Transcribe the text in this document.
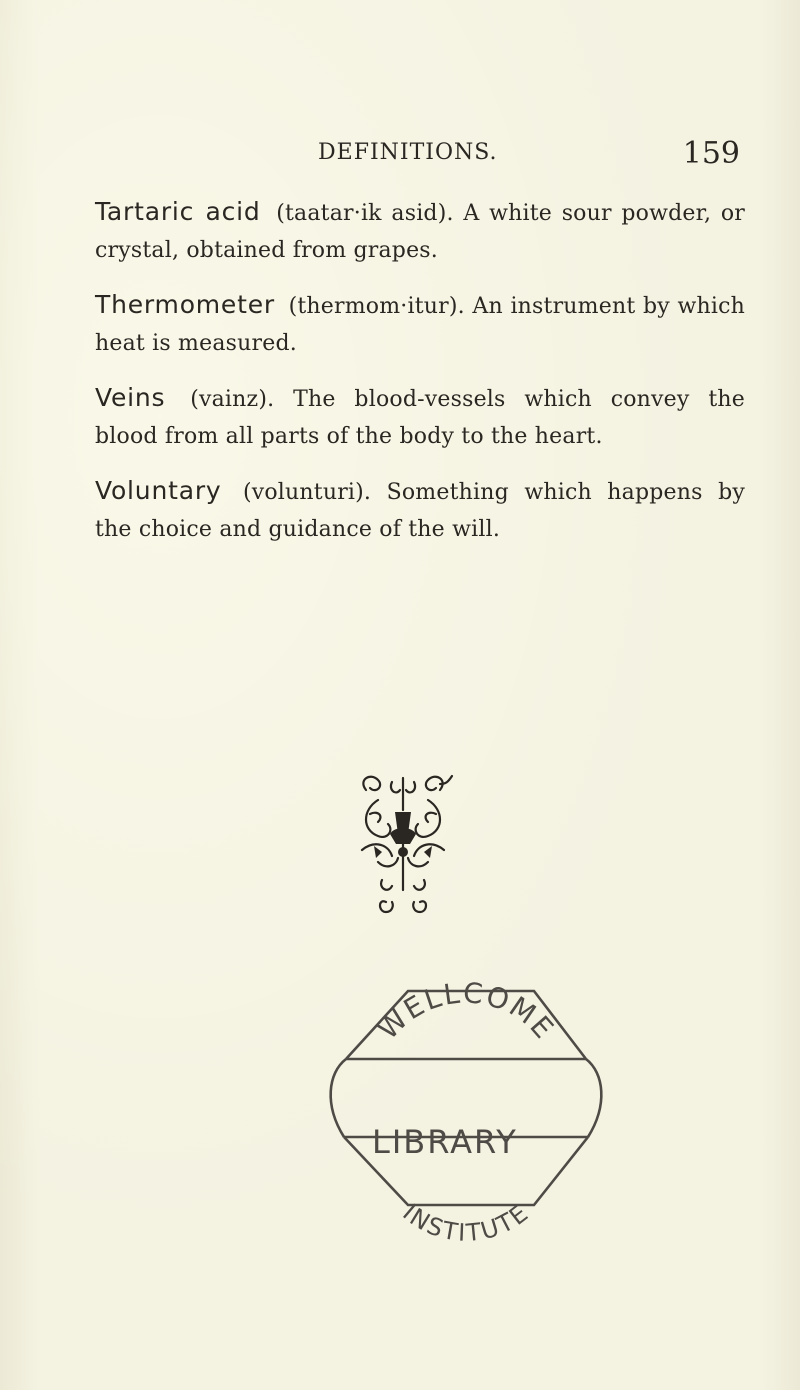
DEFINITIONS.	159

Tartaric acid (taatar·ik asid). A white sour powder, or crystal, obtained from grapes.

Thermometer (thermom·itur). An instrument by which heat is measured.

Veins (vainz). The blood-vessels which convey the blood from all parts of the body to the heart.

Voluntary (volunturi). Something which happens by the choice and guidance of the will.

WELLCOME
INSTITUTE
LIBRARY
